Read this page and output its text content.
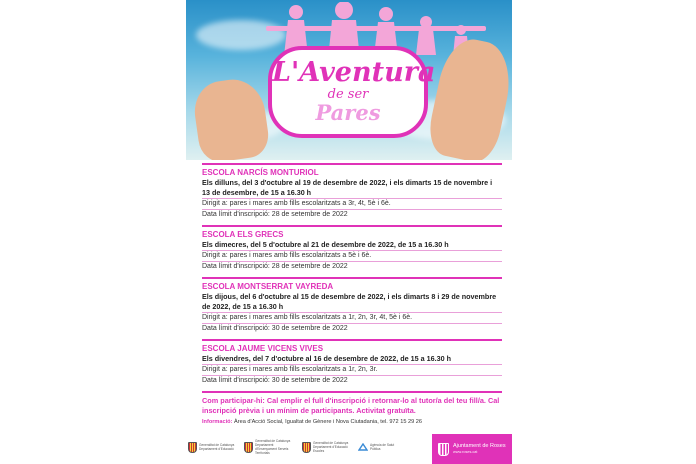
L'Aventura
de ser
Pares
ESCOLA NARCÍS MONTURIOL
Els dilluns, del 3 d'octubre al 19 de desembre de 2022, i els dimarts 15 de novembre i 13 de desembre, de 15 a 16.30 h
Dirigit a: pares i mares amb fills escolaritzats a 3r, 4t, 5è i 6è.
Data límit d'inscripció: 28 de setembre de 2022
ESCOLA ELS GRECS
Els dimecres, del 5 d'octubre al 21 de desembre de 2022, de 15 a 16.30 h
Dirigit a: pares i mares amb fills escolaritzats a 5è i 6è.
Data límit d'inscripció: 28 de setembre de 2022
ESCOLA MONTSERRAT VAYREDA
Els dijous, del 6 d'octubre al 15 de desembre de 2022, i els dimarts 8 i 29 de novembre de 2022, de 15 a 16.30 h
Dirigit a: pares i mares amb fills escolaritzats a 1r, 2n, 3r, 4t, 5è i 6è.
Data límit d'inscripció: 30 de setembre de 2022
ESCOLA JAUME VICENS VIVES
Els divendres, del 7 d'octubre al 16 de desembre de 2022, de 15 a 16.30 h
Dirigit a: pares i mares amb fills escolaritzats a 1r, 2n, 3r.
Data límit d'inscripció: 30 de setembre de 2022
Com participar-hi: Cal emplir el full d'inscripció i retornar-lo al tutor/a del teu fill/a. Cal inscripció prèvia i un mínim de participants. Activitat gratuïta.
Informació: Àrea d'Acció Social, Igualtat de Gènere i Nova Ciutadania, tel. 972 15 29 26
Generalitat de Catalunya Departament d'Educació
Generalitat de Catalunya Departament d'Ensenyament Serveis Territorials
Generalitat de Catalunya Departament d'Educació Escoles
Agència de Salut Pública	Ajuntament de Roses
www.roses.cat
